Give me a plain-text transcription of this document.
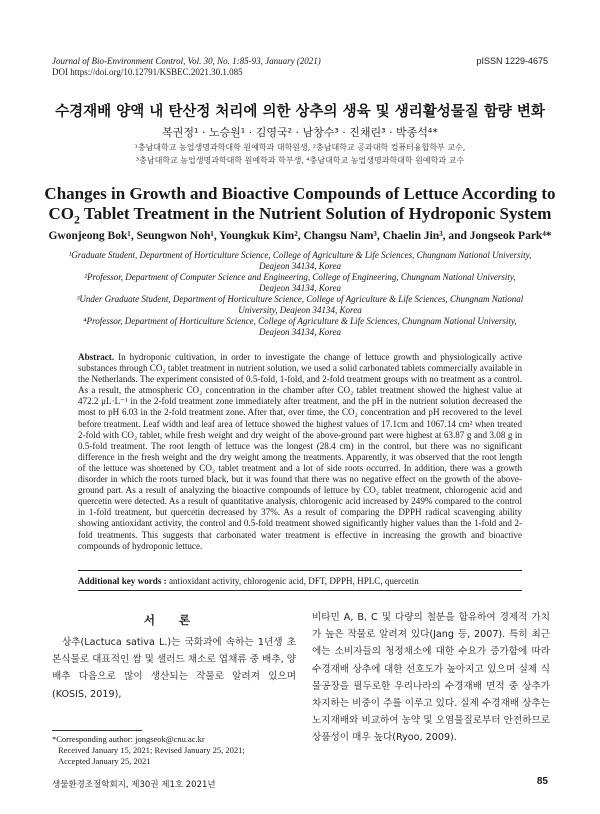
Journal of Bio-Environment Control, Vol. 30, No. 1:85-93, January (2021)
DOI https://doi.org/10.12791/KSBEC.2021.30.1.085
pISSN 1229-4675
수경재배 양액 내 탄산정 처리에 의한 상추의 생육 및 생리활성물질 함량 변화
복권정¹ · 노승원¹ · 김영국² · 남창수³ · 진채린³ · 박종석⁴*
¹충남대학교 농업생명과학대학 원예학과 대학원생, ²충남대학교 공과대학 컴퓨터융합학부 교수,
³충남대학교 농업생명과학대학 원예학과 학부생, ⁴충남대학교 농업생명과학대학 원예학과 교수
Changes in Growth and Bioactive Compounds of Lettuce According to
$CO_2$ Tablet Treatment in the Nutrient Solution of Hydroponic System
Gwonjeong Bok¹, Seungwon Noh¹, Youngkuk Kim², Changsu Nam³, Chaelin Jin³, and Jongseok Park⁴*

¹Graduate Student, Department of Horticulture Science, College of Agriculture & Life Sciences, Chungnam National University, Deajeon 34134, Korea

²Professor, Department of Computer Science and Engineering, College of Engineering, Chungnam National University, Deajeon 34134, Korea

³Under Graduate Student, Department of Horticulture Science, College of Agriculture & Life Sciences, Chungnam National University, Deajeon 34134, Korea

⁴Professor, Department of Horticulture Science, College of Agriculture & Life Sciences, Chungnam National University, Deajeon 34134, Korea

Abstract. In hydroponic cultivation, in order to investigate the change of lettuce growth and physiologically active substances through CO₂ tablet treatment in nutrient solution, we used a solid carbonated tablets commercially available in the Netherlands. The experiment consisted of 0.5-fold, 1-fold, and 2-fold treatment groups with no treatment as a control. As a result, the atmospheric CO₂ concentration in the chamber after CO₂ tablet treatment showed the highest value at 472.2 μL·L⁻¹ in the 2-fold treatment zone immediately after treatment, and the pH in the nutrient solution decreased the most to pH 6.03 in the 2-fold treatment zone. After that, over time, the CO₂ concentration and pH recovered to the level before treatment. Leaf width and leaf area of lettuce showed the highest values of 17.1cm and 1067.14 cm² when treated 2-fold with CO₂ tablet, while fresh weight and dry weight of the above-ground part were highest at 63.87 g and 3.08 g in 0.5-fold treatment. The root length of lettuce was the longest (28.4 cm) in the control, but there was no significant difference in the fresh weight and the dry weight among the treatments. Apparently, it was observed that the root length of the lettuce was shortened by CO₂ tablet treatment and a lot of side roots occurred. In addition, there was a growth disorder in which the roots turned black, but it was found that there was no negative effect on the growth of the above-ground part. As a result of analyzing the bioactive compounds of lettuce by CO₂ tablet treatment, chlorogenic acid and quercetin were detected. As a result of quantitative analysis, chlorogenic acid increased by 249% compared to the control in 1-fold treatment, but quercetin decreased by 37%. As a result of comparing the DPPH radical scavenging ability showing antioxidant activity, the control and 0.5-fold treatment showed significantly higher values than the 1-fold and 2-fold treatments. This suggests that carbonated water treatment is effective in increasing the growth and bioactive compounds of hydroponic lettuce.
Additional key words : antioxidant activity, chlorogenic acid, DFT, DPPH, HPLC, quercetin
서 론
상추(Lactuca sativa L.)는 국화과에 속하는 1년생 초본식물로 대표적인 쌈 및 샐러드 채소로 엽채류 중 배추, 양배추 다음으로 많이 생산되는 작물로 알려져 있으며(KOSIS, 2019),
비타민 A, B, C 및 다량의 철분을 함유하여 경제적 가치가 높은 작물로 알려져 있다(Jang 등, 2007). 특히 최근에는 소비자들의 청정채소에 대한 수요가 증가함에 따라 수경재배 상추에 대한 선호도가 높아지고 있으며 실제 식물공장을 필두로한 우리나라의 수경재배 면적 중 상추가 차지하는 비중이 주를 이루고 있다. 실제 수경재배 상추는 노지재배와 비교하여 농약 및 오염물질로부터 안전하므로 상품성이 매우 높다(Ryoo, 2009).
*Corresponding author: jongseok@cnu.ac.kr
Received January 15, 2021; Revised January 25, 2021;
Accepted January 25, 2021
생물환경조절학회지, 제30권 제1호 2021년	85
